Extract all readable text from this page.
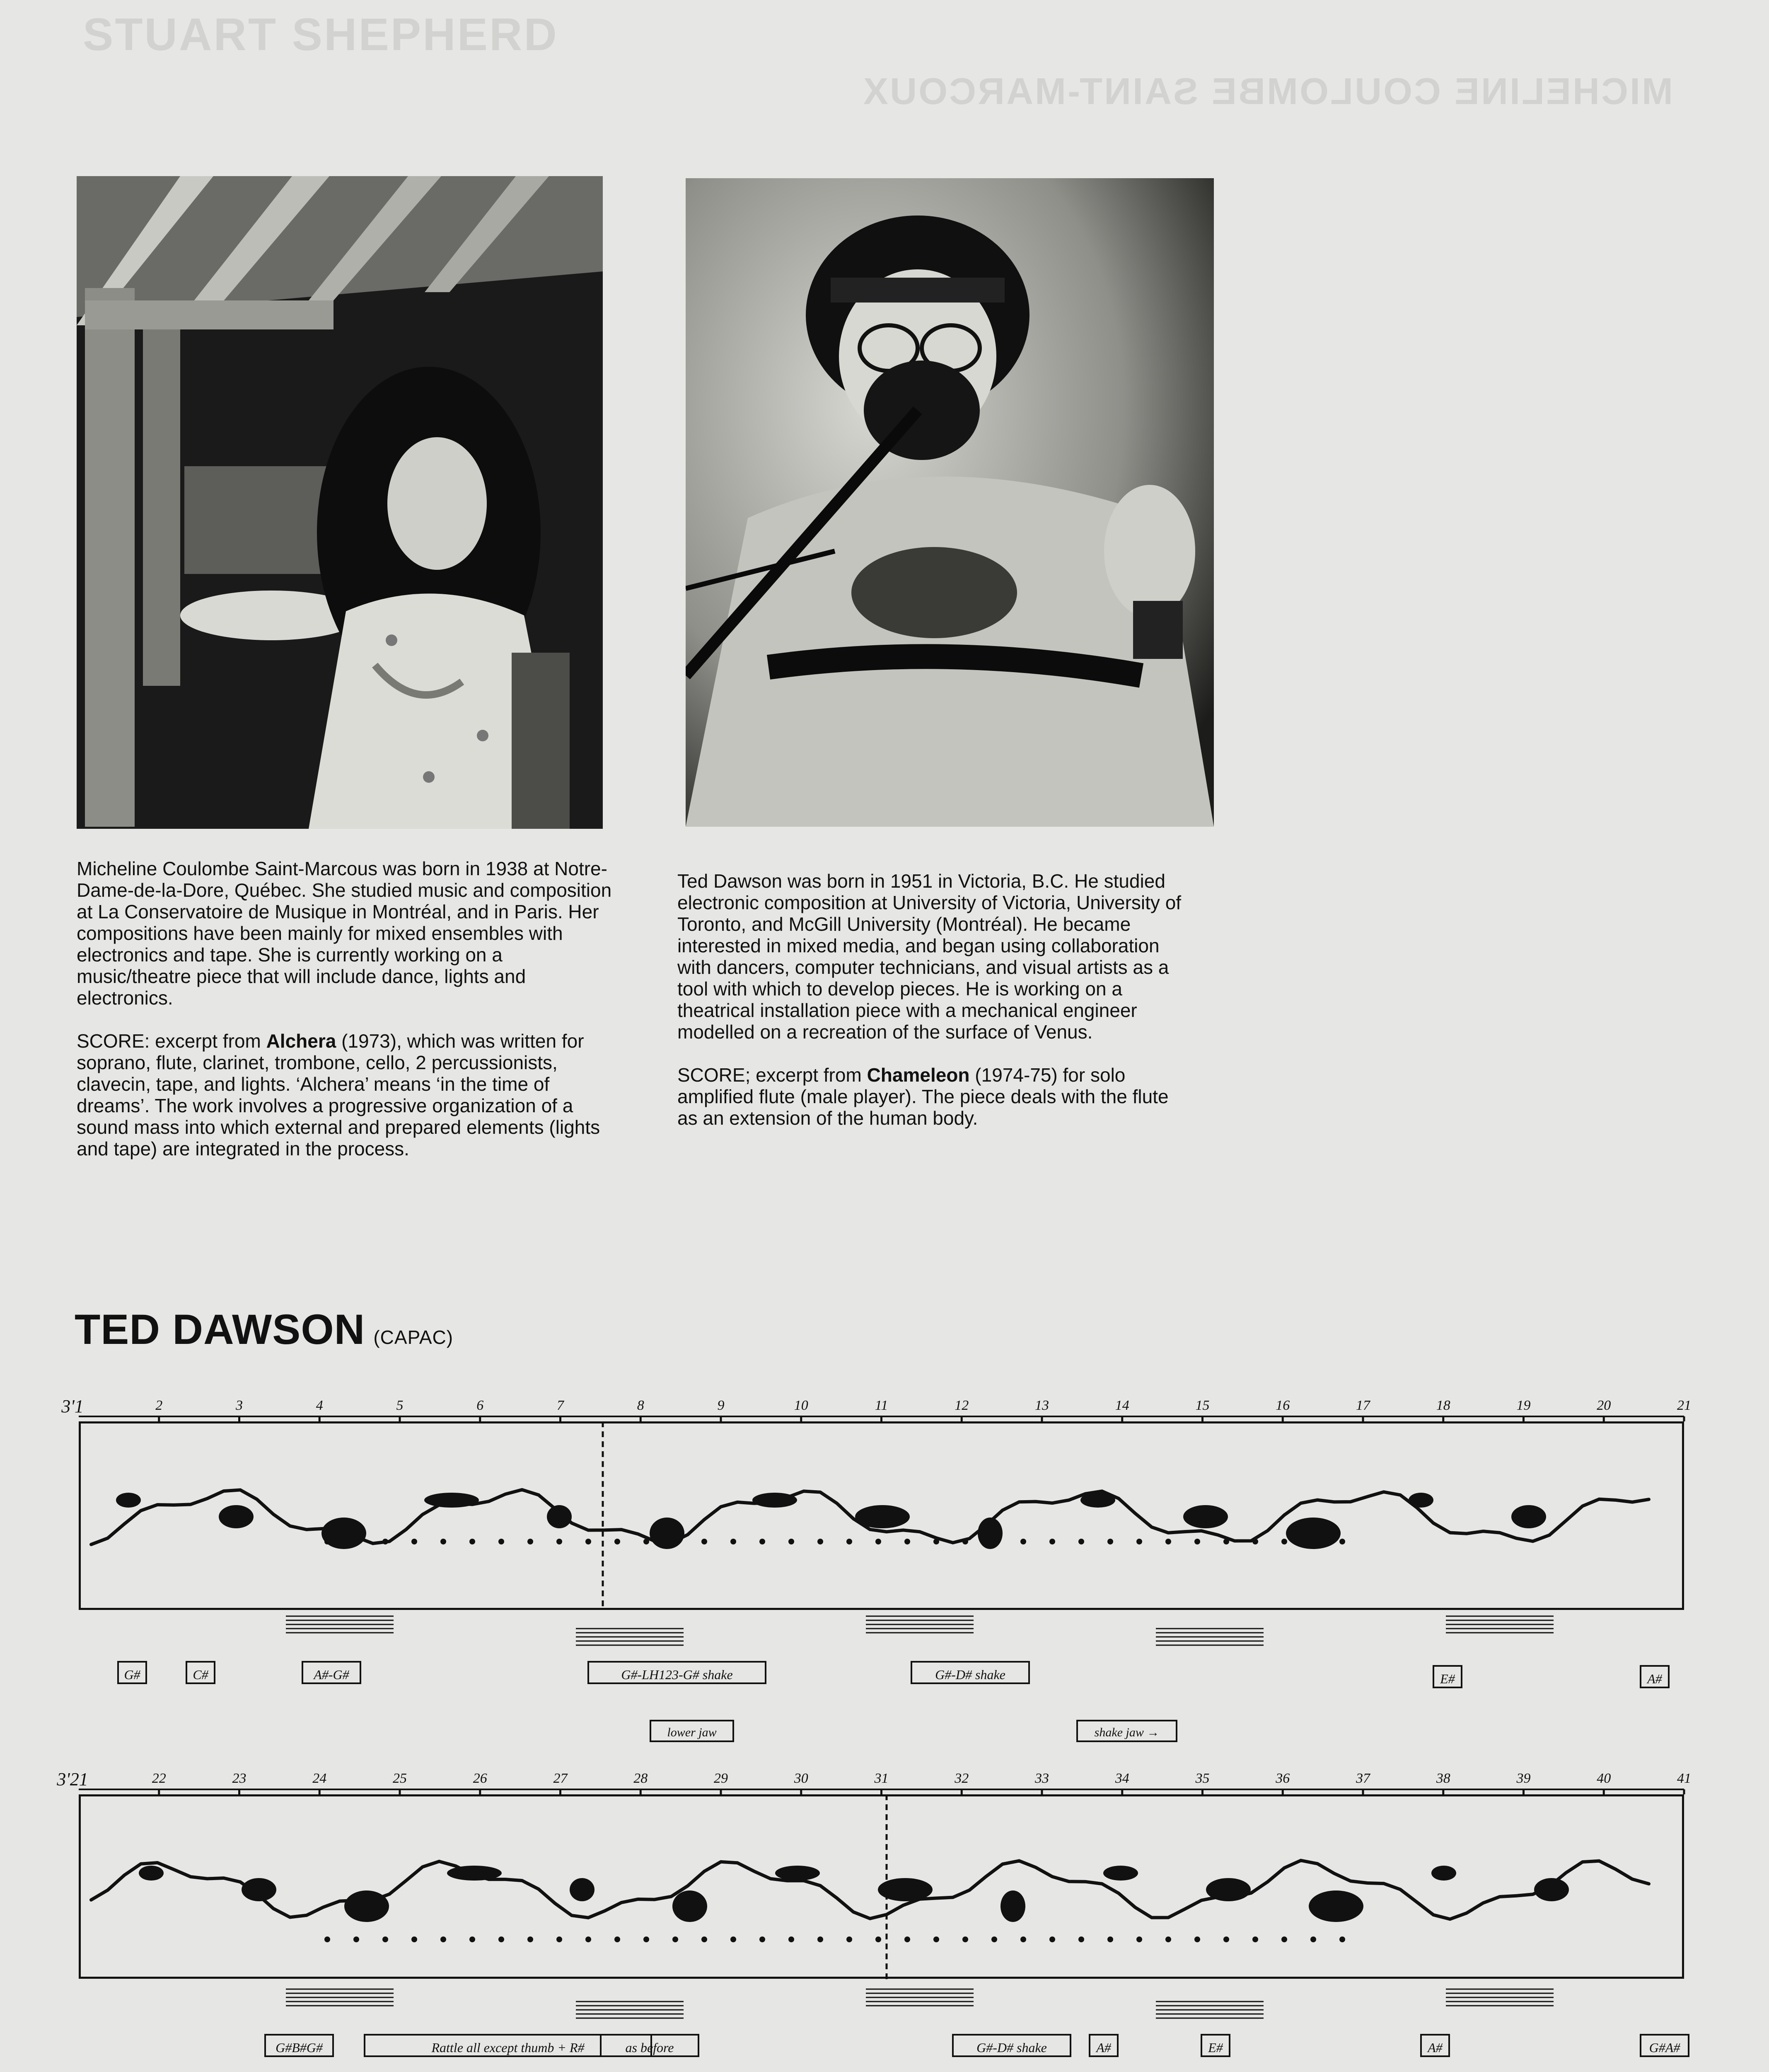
STUART SHEPHERD
MICHELINE COULOMBE SAINT-MARCOUX

Micheline Coulombe Saint-Marcous was born in 1938 at Notre-Dame-de-la-Dore, Québec. She studied music and composition at La Conservatoire de Musique in Montréal, and in Paris. Her compositions have been mainly for mixed ensembles with electronics and tape. She is currently working on a music/theatre piece that will include dance, lights and electronics.

SCORE: excerpt from Alchera (1973), which was written for soprano, flute, clarinet, trombone, cello, 2 percussionists, clavecin, tape, and lights. ‘Alchera’ means ‘in the time of dreams’. The work involves a progressive organization of a sound mass into which external and prepared elements (lights and tape) are integrated in the process.

Ted Dawson was born in 1951 in Victoria, B.C. He studied electronic composition at University of Victoria, University of Toronto, and McGill University (Montréal). He became interested in mixed media, and began using collaboration with dancers, computer technicians, and visual artists as a tool with which to develop pieces. He is working on a theatrical installation piece with a mechanical engineer modelled on a recreation of the surface of Venus.

SCORE; excerpt from Chameleon (1974-75) for solo amplified flute (male player). The piece deals with the flute as an extension of the human body.

TED DAWSON (CAPAC)
3'1	2	3	4	5	6	7	8	9	10	11	12	13	14	15	16	17	18	19	20	21
G#	C#	A#-G#	G#-LH123-G# shake	G#-D# shake	E#	A#
lower jaw	shake jaw →
3'21	22	23	24	25	26	27	28	29	30	31	32	33	34	35	36	37	38	39	40	41
G#B#G#	Rattle all except thumb + R#	as before	G#-D# shake	A#	E#	A#	G#A#
